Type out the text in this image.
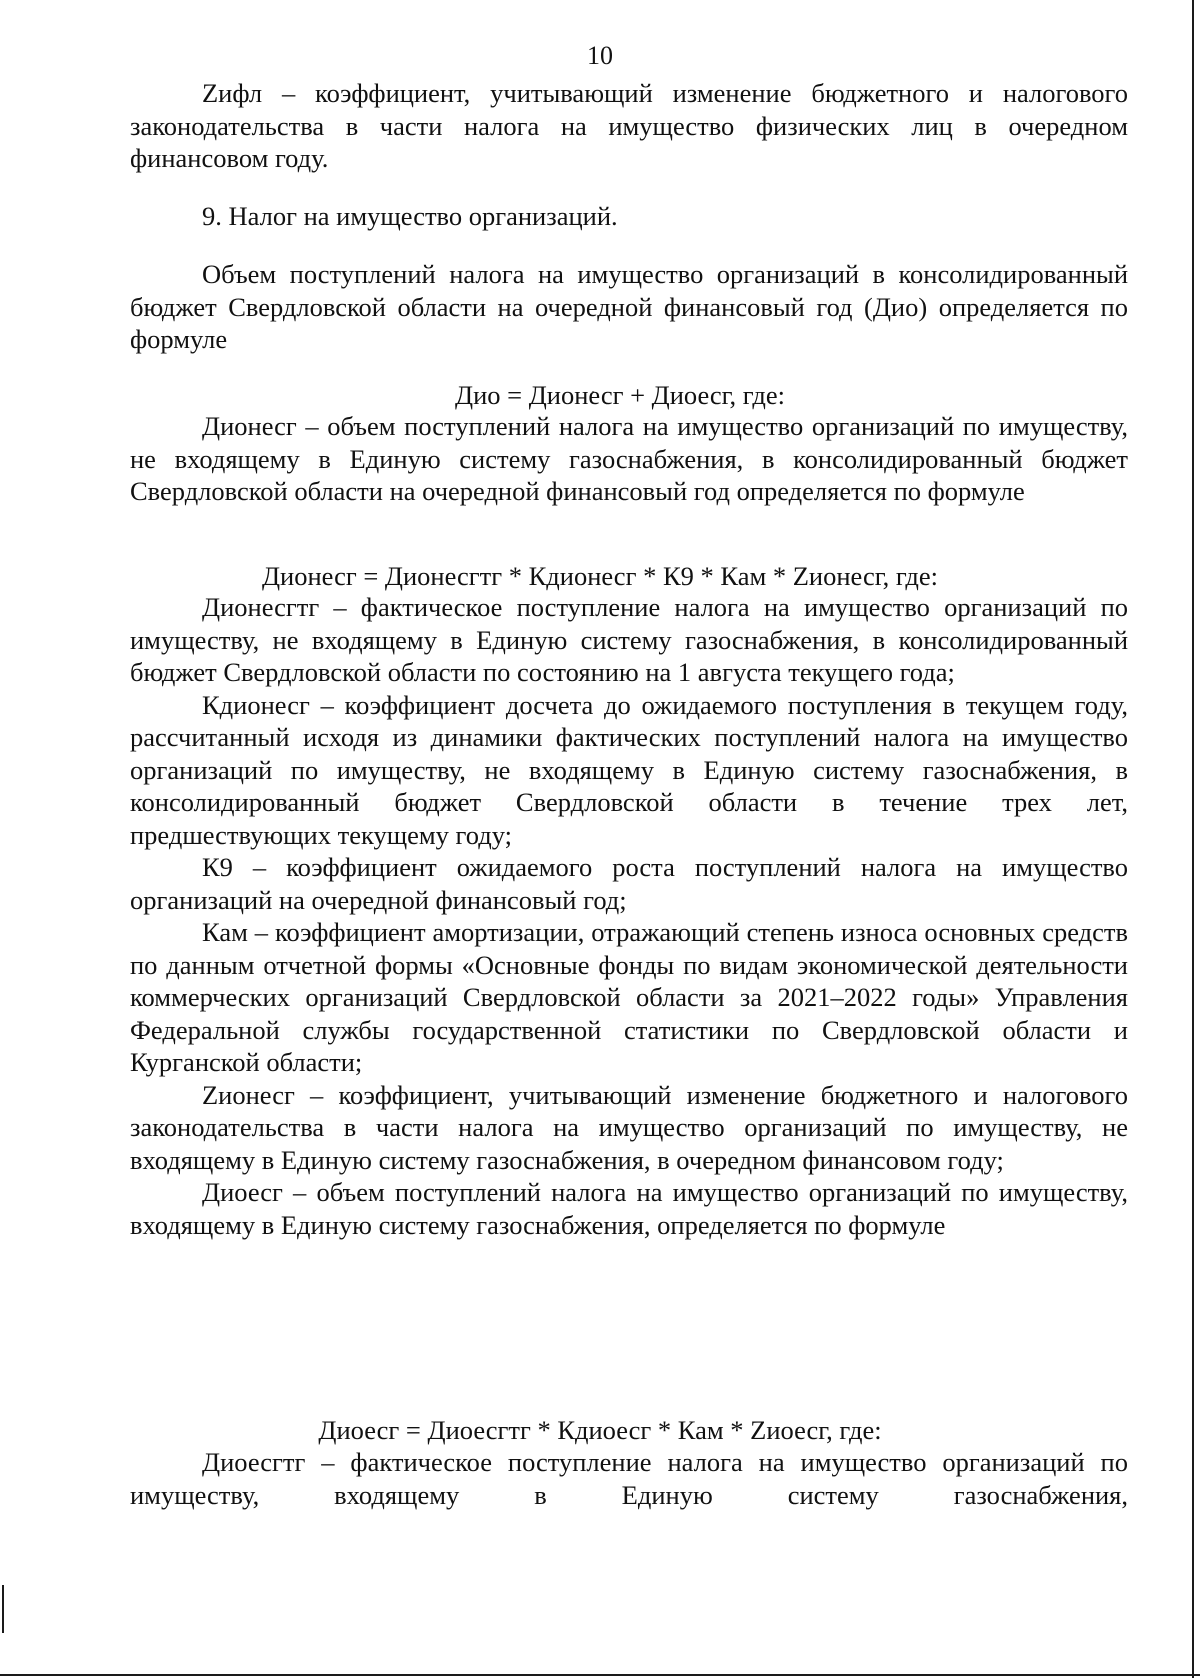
10

Zифл – коэффициент, учитывающий изменение бюджетного и налогового законодательства в части налога на имущество физических лиц в очередном финансовом году.

9. Налог на имущество организаций.

Объем поступлений налога на имущество организаций в консолидированный бюджет Свердловской области на очередной финансовый год (Дио) определяется по формуле

Дио = Дионесг + Диоесг, где:

Дионесг – объем поступлений налога на имущество организаций по имуществу, не входящему в Единую систему газоснабжения, в консолидированный бюджет Свердловской области на очередной финансовый год определяется по формуле

Дионесг = Дионесгтг * Кдионесг * К9 * Кам * Zионесг, где:

Дионесгтг – фактическое поступление налога на имущество организаций по имуществу, не входящему в Единую систему газоснабжения, в консолидированный бюджет Свердловской области по состоянию на 1 августа текущего года;

Кдионесг – коэффициент досчета до ожидаемого поступления в текущем году, рассчитанный исходя из динамики фактических поступлений налога на имущество организаций по имуществу, не входящему в Единую систему газоснабжения, в консолидированный бюджет Свердловской области в течение трех лет, предшествующих текущему году;

К9 – коэффициент ожидаемого роста поступлений налога на имущество организаций на очередной финансовый год;

Кам – коэффициент амортизации, отражающий степень износа основных средств по данным отчетной формы «Основные фонды по видам экономической деятельности коммерческих организаций Свердловской области за 2021–2022 годы» Управления Федеральной службы государственной статистики по Свердловской области и Курганской области;

Zионесг – коэффициент, учитывающий изменение бюджетного и налогового законодательства в части налога на имущество организаций по имуществу, не входящему в Единую систему газоснабжения, в очередном финансовом году;

Диоесг – объем поступлений налога на имущество организаций по имуществу, входящему в Единую систему газоснабжения, определяется по формуле

Диоесг = Диоесгтг * Кдиоесг * Кам * Zиоесг, где:

Диоесгтг – фактическое поступление налога на имущество организаций по имуществу, входящему в Единую систему газоснабжения,
